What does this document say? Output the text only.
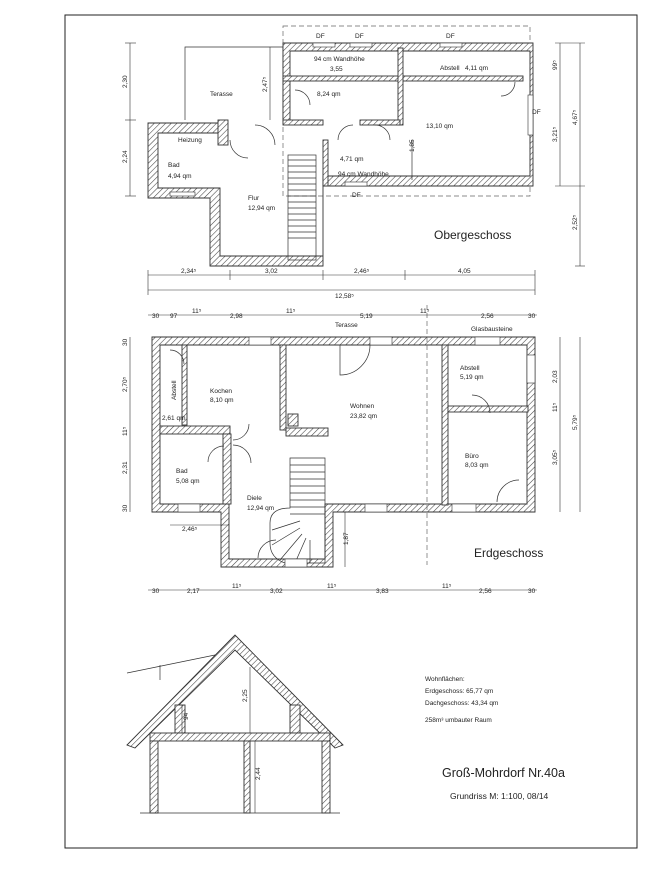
Terasse
Heizung
Bad
4,94 qm
Flur
12,94 qm
94 cm Wandhöhe
3,55
8,24 qm
Abstell 4,11 qm
13,10 qm
4,71 qm
94 cm Wandhöhe
1,85
DF	DF	DF
DF
DF
Obergeschoss
2,34⁵	3,02	2,46⁵	4,05
12,58⁵
2,30
2,24
99⁵
3,21⁵
4,67⁵
2,52⁵
2,47⁵
Terasse
Glasbausteine
Abstell
2,61 qm
Kochen
8,10 qm
Wohnen
23,82 qm
Abstell
5,19 qm
Bad
5,08 qm
Diele
12,94 qm
Büro
8,03 qm
Erdgeschoss
30 97
11⁵
2,98
11⁵
5,19
11⁵
2,56	30
30	2,17
11⁵
3,02
11⁵
3,83
11⁵
2,56	30
30
2,70⁵
11⁵
2,31
30
2,03
11⁵
3,05⁵
5,79⁵
2,46⁵
1,87
2,25
94
2,44
Wohnflächen:
Erdgeschoss: 65,77 qm
Dachgeschoss: 43,34 qm
258m³ umbauter Raum
Groß-Mohrdorf Nr.40a
Grundriss M: 1:100, 08/14
